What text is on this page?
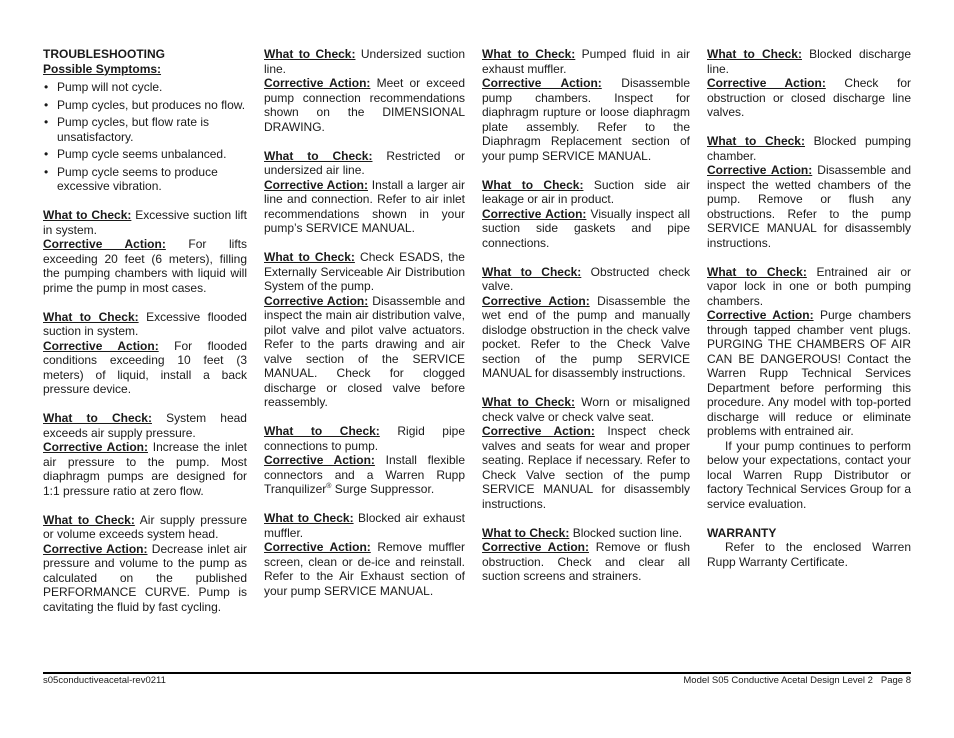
TROUBLESHOOTING

Possible Symptoms:

• Pump will not cycle.
• Pump cycles, but produces no flow.
• Pump cycles, but flow rate is unsatisfactory.
• Pump cycle seems unbalanced.
• Pump cycle seems to produce excessive vibration.

What to Check: Excessive suction lift in system.

Corrective Action: For lifts exceeding 20 feet (6 meters), filling the pumping chambers with liquid will prime the pump in most cases.

What to Check: Excessive flooded suction in system.

Corrective Action: For flooded conditions exceeding 10 feet (3 meters) of liquid, install a back pressure device.

What to Check: System head exceeds air supply pressure.

Corrective Action: Increase the inlet air pressure to the pump. Most diaphragm pumps are designed for 1:1 pressure ratio at zero flow.

What to Check: Air supply pressure or volume exceeds system head.

Corrective Action: Decrease inlet air pressure and volume to the pump as calculated on the published PERFORMANCE CURVE. Pump is cavitating the fluid by fast cycling.

What to Check: Undersized suction line.

Corrective Action: Meet or exceed pump connection recommendations shown on the DIMENSIONAL DRAWING.

What to Check: Restricted or undersized air line.

Corrective Action: Install a larger air line and connection. Refer to air inlet recommendations shown in your pump’s SERVICE MANUAL.

What to Check: Check ESADS, the Externally Serviceable Air Distribution System of the pump.

Corrective Action: Disassemble and inspect the main air distribution valve, pilot valve and pilot valve actuators. Refer to the parts drawing and air valve section of the SERVICE MANUAL. Check for clogged discharge or closed valve before reassembly.

What to Check: Rigid pipe connections to pump.

Corrective Action: Install flexible connectors and a Warren Rupp Tranquilizer® Surge Suppressor.

What to Check: Blocked air exhaust muffler.

Corrective Action: Remove muffler screen, clean or de-ice and reinstall. Refer to the Air Exhaust section of your pump SERVICE MANUAL.

What to Check: Pumped fluid in air exhaust muffler.

Corrective Action: Disassemble pump chambers. Inspect for diaphragm rupture or loose diaphragm plate assembly. Refer to the Diaphragm Replacement section of your pump SERVICE MANUAL.

What to Check: Suction side air leakage or air in product.

Corrective Action: Visually inspect all suction side gaskets and pipe connections.

What to Check: Obstructed check valve.

Corrective Action: Disassemble the wet end of the pump and manually dislodge obstruction in the check valve pocket. Refer to the Check Valve section of the pump SERVICE MANUAL for disassembly instructions.

What to Check: Worn or misaligned check valve or check valve seat.

Corrective Action: Inspect check valves and seats for wear and proper seating. Replace if necessary. Refer to Check Valve section of the pump SERVICE MANUAL for disassembly instructions.

What to Check: Blocked suction line.

Corrective Action: Remove or flush obstruction. Check and clear all suction screens and strainers.

What to Check: Blocked discharge line.

Corrective Action: Check for obstruction or closed discharge line valves.

What to Check: Blocked pumping chamber.

Corrective Action: Disassemble and inspect the wetted chambers of the pump. Remove or flush any obstructions. Refer to the pump SERVICE MANUAL for disassembly instructions.

What to Check: Entrained air or vapor lock in one or both pumping chambers.

Corrective Action: Purge chambers through tapped chamber vent plugs. PURGING THE CHAMBERS OF AIR CAN BE DANGEROUS! Contact the Warren Rupp Technical Services Department before performing this procedure. Any model with top-ported discharge will reduce or eliminate problems with entrained air.

If your pump continues to perform below your expectations, contact your local Warren Rupp Distributor or factory Technical Services Group for a service evaluation.

WARRANTY

Refer to the enclosed Warren Rupp Warranty Certificate.

s05conductiveacetal-rev0211	Model S05 Conductive Acetal Design Level 2   Page 8
